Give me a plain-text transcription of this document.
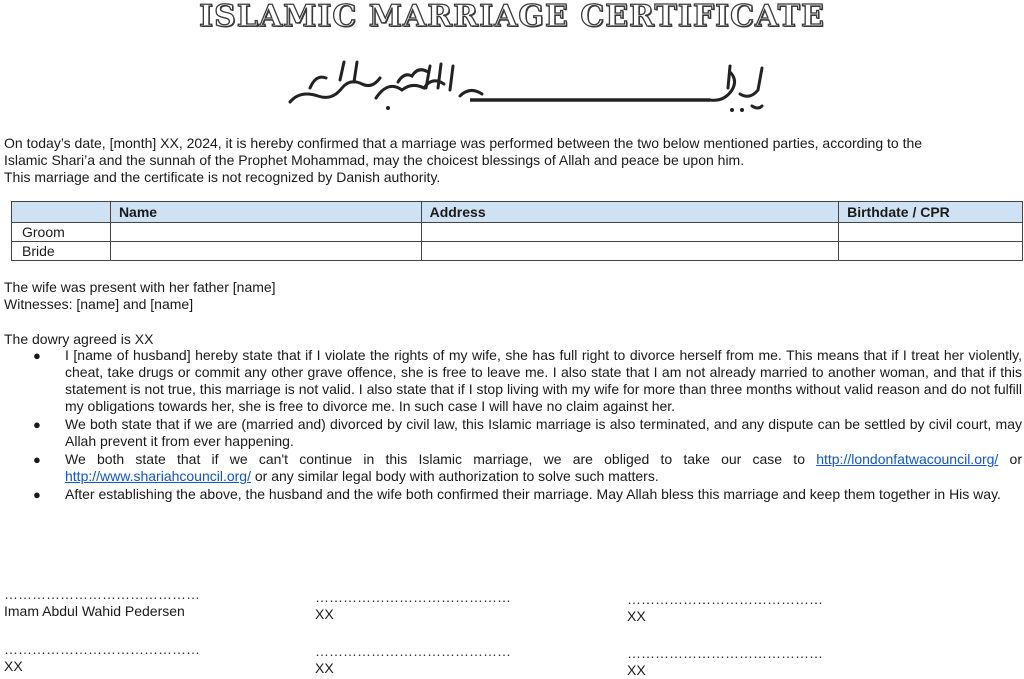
ISLAMIC MARRIAGE CERTIFICATE
On today’s date, [month] XX, 2024, it is hereby confirmed that a marriage was performed between the two below mentioned parties, according to the
Islamic Shari’a and the sunnah of the Prophet Mohammad, may the choicest blessings of Allah and peace be upon him.
This marriage and the certificate is not recognized by Danish authority.
	Name	Address	Birthdate / CPR
Groom			
Bride			
The wife was present with her father [name]
Witnesses: [name] and [name]
The dowry agreed is XX
● I [name of husband] hereby state that if I violate the rights of my wife, she has full right to divorce herself from me. This means that if I treat her violently, cheat, take drugs or commit any other grave offence, she is free to leave me. I also state that I am not already married to another woman, and that if this statement is not true, this marriage is not valid. I also state that if I stop living with my wife for more than three months without valid reason and do not fulfill my obligations towards her, she is free to divorce me. In such case I will have no claim against her.
● We both state that if we are (married and) divorced by civil law, this Islamic marriage is also terminated, and any dispute can be settled by civil court, may Allah prevent it from ever happening.
● We both state that if we can't continue in this Islamic marriage, we are obliged to take our case to http://londonfatwacouncil.org/ or http://www.shariahcouncil.org/ or any similar legal body with authorization to solve such matters.
● After establishing the above, the husband and the wife both confirmed their marriage. May Allah bless this marriage and keep them together in His way.
……………………………………
Imam Abdul Wahid Pedersen
……………………………………
XX
……………………………………
XX
……………………………………
XX
……………………………………
XX
……………………………………
XX
